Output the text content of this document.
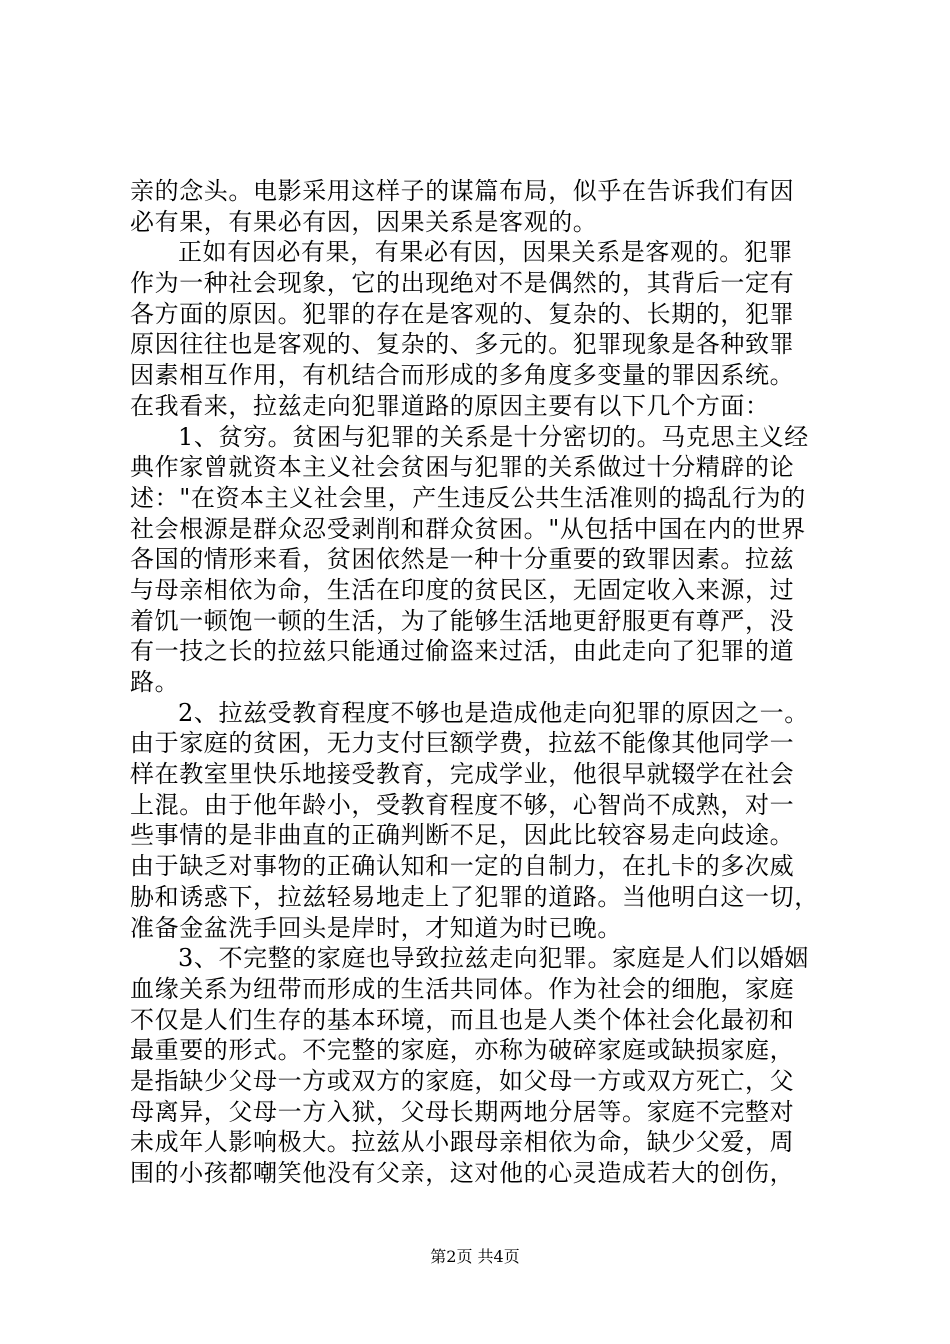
亲的念头。电影采用这样子的谋篇布局，似乎在告诉我们有因
必有果，有果必有因，因果关系是客观的。
正如有因必有果，有果必有因，因果关系是客观的。犯罪
作为一种社会现象，它的出现绝对不是偶然的，其背后一定有
各方面的原因。犯罪的存在是客观的、复杂的、长期的，犯罪
原因往往也是客观的、复杂的、多元的。犯罪现象是各种致罪
因素相互作用，有机结合而形成的多角度多变量的罪因系统。
在我看来，拉兹走向犯罪道路的原因主要有以下几个方面：
1、贫穷。贫困与犯罪的关系是十分密切的。马克思主义经
典作家曾就资本主义社会贫困与犯罪的关系做过十分精辟的论
述："在资本主义社会里，产生违反公共生活准则的捣乱行为的
社会根源是群众忍受剥削和群众贫困。"从包括中国在内的世界
各国的情形来看，贫困依然是一种十分重要的致罪因素。拉兹
与母亲相依为命，生活在印度的贫民区，无固定收入来源，过
着饥一顿饱一顿的生活，为了能够生活地更舒服更有尊严，没
有一技之长的拉兹只能通过偷盗来过活，由此走向了犯罪的道
路。
2、拉兹受教育程度不够也是造成他走向犯罪的原因之一。
由于家庭的贫困，无力支付巨额学费，拉兹不能像其他同学一
样在教室里快乐地接受教育，完成学业，他很早就辍学在社会
上混。由于他年龄小，受教育程度不够，心智尚不成熟，对一
些事情的是非曲直的正确判断不足，因此比较容易走向歧途。
由于缺乏对事物的正确认知和一定的自制力，在扎卡的多次威
胁和诱惑下，拉兹轻易地走上了犯罪的道路。当他明白这一切，
准备金盆洗手回头是岸时，才知道为时已晚。
3、不完整的家庭也导致拉兹走向犯罪。家庭是人们以婚姻
血缘关系为纽带而形成的生活共同体。作为社会的细胞，家庭
不仅是人们生存的基本环境，而且也是人类个体社会化最初和
最重要的形式。不完整的家庭，亦称为破碎家庭或缺损家庭，
是指缺少父母一方或双方的家庭，如父母一方或双方死亡，父
母离异，父母一方入狱，父母长期两地分居等。家庭不完整对
未成年人影响极大。拉兹从小跟母亲相依为命，缺少父爱，周
围的小孩都嘲笑他没有父亲，这对他的心灵造成若大的创伤，
第2页 共4页
